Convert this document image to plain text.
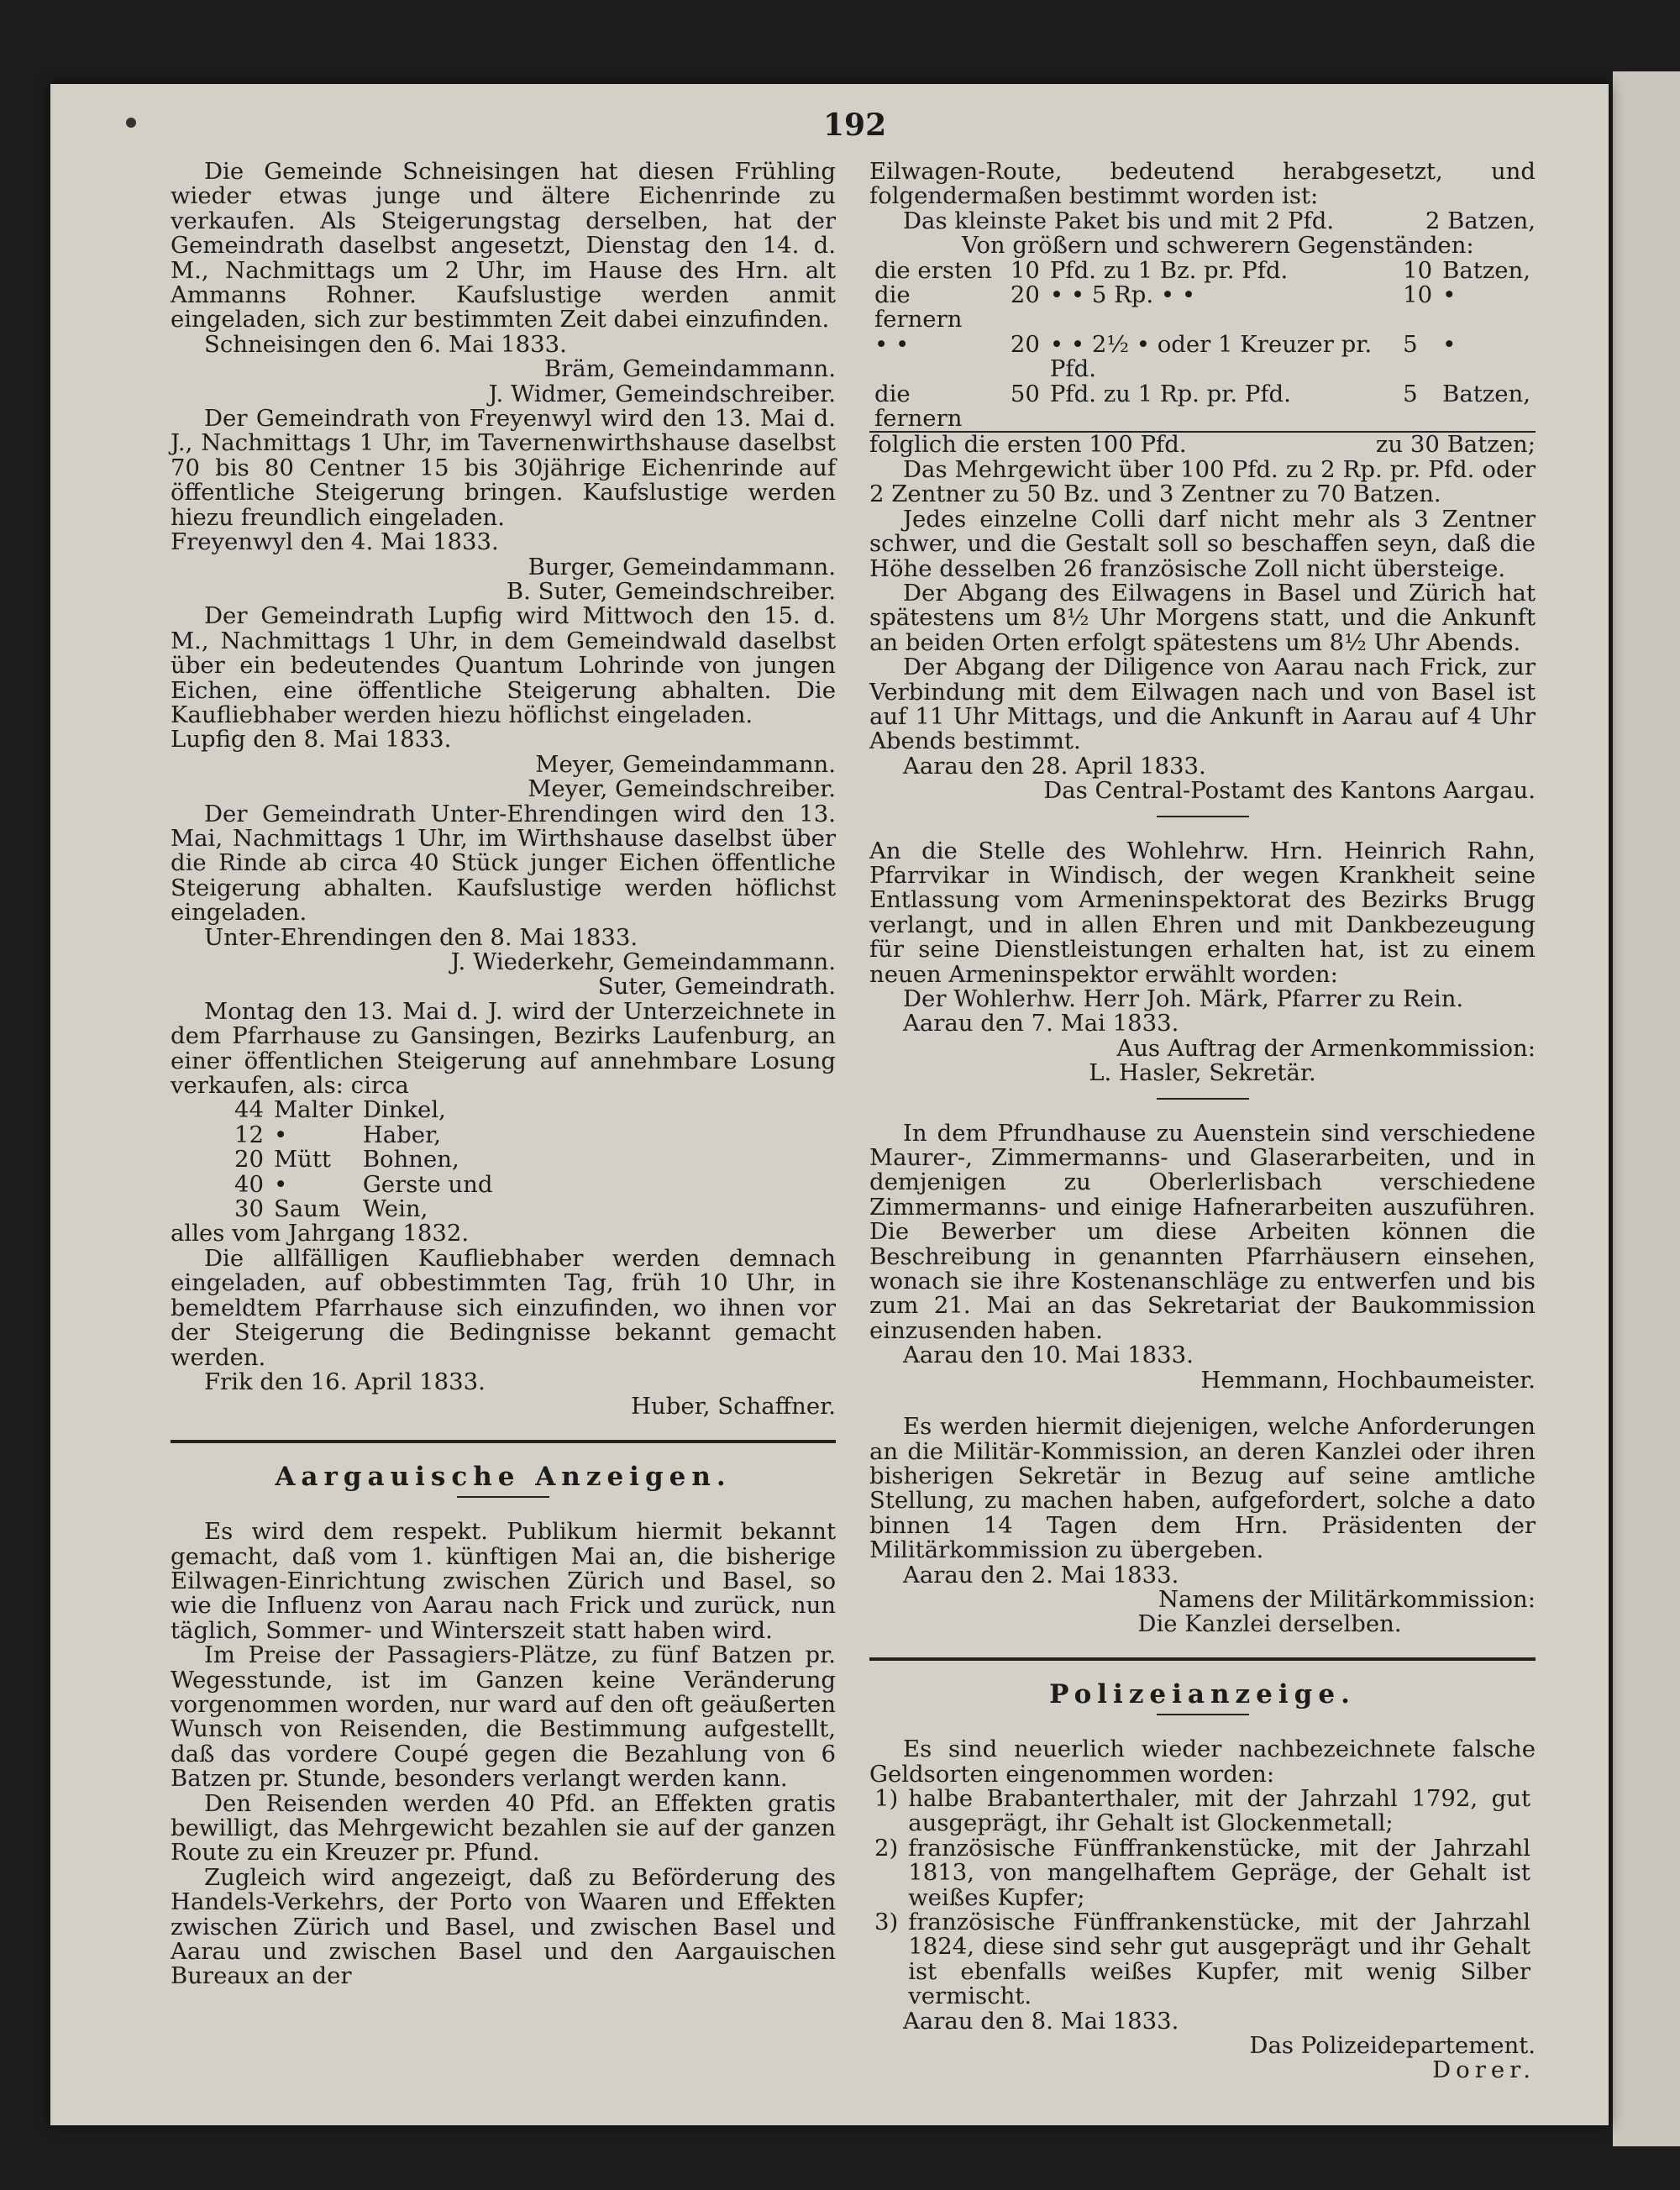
192

Die Gemeinde Schneisingen hat diesen Frühling wieder etwas junge und ältere Eichenrinde zu verkaufen. Als Steigerungstag derselben, hat der Gemeindrath daselbst angesetzt, Dienstag den 14. d. M., Nachmittags um 2 Uhr, im Hause des Hrn. alt Ammanns Rohner. Kaufslustige werden anmit eingeladen, sich zur bestimmten Zeit dabei einzufinden.

Schneisingen den 6. Mai 1833.

Bräm, Gemeindammann.

J. Widmer, Gemeindschreiber.

Der Gemeindrath von Freyenwyl wird den 13. Mai d. J., Nachmittags 1 Uhr, im Tavernenwirthshause daselbst 70 bis 80 Centner 15 bis 30jährige Eichenrinde auf öffentliche Steigerung bringen. Kaufslustige werden hiezu freundlich eingeladen.

Freyenwyl den 4. Mai 1833.

Burger, Gemeindammann.

B. Suter, Gemeindschreiber.

Der Gemeindrath Lupfig wird Mittwoch den 15. d. M., Nachmittags 1 Uhr, in dem Gemeindwald daselbst über ein bedeutendes Quantum Lohrinde von jungen Eichen, eine öffentliche Steigerung abhalten. Die Kaufliebhaber werden hiezu höflichst eingeladen.

Lupfig den 8. Mai 1833.

Meyer, Gemeindammann.

Meyer, Gemeindschreiber.

Der Gemeindrath Unter-Ehrendingen wird den 13. Mai, Nachmittags 1 Uhr, im Wirthshause daselbst über die Rinde ab circa 40 Stück junger Eichen öffentliche Steigerung abhalten. Kaufslustige werden höflichst eingeladen.

Unter-Ehrendingen den 8. Mai 1833.

J. Wiederkehr, Gemeindammann.

Suter, Gemeindrath.

Montag den 13. Mai d. J. wird der Unterzeichnete in dem Pfarrhause zu Gansingen, Bezirks Laufenburg, an einer öffentlichen Steigerung auf annehmbare Losung verkaufen, als: circa

44	Malter	Dinkel,
12	•	Haber,
20	Mütt	Bohnen,
40	•	Gerste und
30	Saum	Wein,

alles vom Jahrgang 1832.

Die allfälligen Kaufliebhaber werden demnach eingeladen, auf obbestimmten Tag, früh 10 Uhr, in bemeldtem Pfarrhause sich einzufinden, wo ihnen vor der Steigerung die Bedingnisse bekannt gemacht werden.

Frik den 16. April 1833.

Huber, Schaffner.

Aargauische Anzeigen.

Es wird dem respekt. Publikum hiermit bekannt gemacht, daß vom 1. künftigen Mai an, die bisherige Eilwagen-Einrichtung zwischen Zürich und Basel, so wie die Influenz von Aarau nach Frick und zurück, nun täglich, Sommer- und Winterszeit statt haben wird.

Im Preise der Passagiers-Plätze, zu fünf Batzen pr. Wegesstunde, ist im Ganzen keine Veränderung vorgenommen worden, nur ward auf den oft geäußerten Wunsch von Reisenden, die Bestimmung aufgestellt, daß das vordere Coupé gegen die Bezahlung von 6 Batzen pr. Stunde, besonders verlangt werden kann.

Den Reisenden werden 40 Pfd. an Effekten gratis bewilligt, das Mehrgewicht bezahlen sie auf der ganzen Route zu ein Kreuzer pr. Pfund.

Zugleich wird angezeigt, daß zu Beförderung des Handels-Verkehrs, der Porto von Waaren und Effekten zwischen Zürich und Basel, und zwischen Basel und Aarau und zwischen Basel und den Aargauischen Bureaux an der

Eilwagen-Route, bedeutend herabgesetzt, und folgendermaßen bestimmt worden ist:

Das kleinste Paket bis und mit 2 Pfd.	2 Batzen,

Von größern und schwerern Gegenständen:

die ersten	10	Pfd. zu 1 Bz. pr. Pfd.	10	Batzen,
die fernern	20	• • 5 Rp. • •	10	•
• •	20	• • 2½ • oder 1 Kreuzer pr. Pfd.	5	•
die fernern	50	Pfd. zu 1 Rp. pr. Pfd.	5	Batzen,

folglich die ersten 100 Pfd.	zu 30 Batzen;

Das Mehrgewicht über 100 Pfd. zu 2 Rp. pr. Pfd. oder 2 Zentner zu 50 Bz. und 3 Zentner zu 70 Batzen.

Jedes einzelne Colli darf nicht mehr als 3 Zentner schwer, und die Gestalt soll so beschaffen seyn, daß die Höhe desselben 26 französische Zoll nicht übersteige.

Der Abgang des Eilwagens in Basel und Zürich hat spätestens um 8½ Uhr Morgens statt, und die Ankunft an beiden Orten erfolgt spätestens um 8½ Uhr Abends.

Der Abgang der Diligence von Aarau nach Frick, zur Verbindung mit dem Eilwagen nach und von Basel ist auf 11 Uhr Mittags, und die Ankunft in Aarau auf 4 Uhr Abends bestimmt.

Aarau den 28. April 1833.

Das Central-Postamt des Kantons Aargau.

An die Stelle des Wohlehrw. Hrn. Heinrich Rahn, Pfarrvikar in Windisch, der wegen Krankheit seine Entlassung vom Armeninspektorat des Bezirks Brugg verlangt, und in allen Ehren und mit Dankbezeugung für seine Dienstleistungen erhalten hat, ist zu einem neuen Armeninspektor erwählt worden:

Der Wohlerhw. Herr Joh. Märk, Pfarrer zu Rein.

Aarau den 7. Mai 1833.

Aus Auftrag der Armenkommission:

L. Hasler, Sekretär.

In dem Pfrundhause zu Auenstein sind verschiedene Maurer-, Zimmermanns- und Glaserarbeiten, und in demjenigen zu Oberlerlisbach verschiedene Zimmermanns- und einige Hafnerarbeiten auszuführen. Die Bewerber um diese Arbeiten können die Beschreibung in genannten Pfarrhäusern einsehen, wonach sie ihre Kostenanschläge zu entwerfen und bis zum 21. Mai an das Sekretariat der Baukommission einzusenden haben.

Aarau den 10. Mai 1833.

Hemmann, Hochbaumeister.

Es werden hiermit diejenigen, welche Anforderungen an die Militär-Kommission, an deren Kanzlei oder ihren bisherigen Sekretär in Bezug auf seine amtliche Stellung, zu machen haben, aufgefordert, solche a dato binnen 14 Tagen dem Hrn. Präsidenten der Militärkommission zu übergeben.

Aarau den 2. Mai 1833.

Namens der Militärkommission:

Die Kanzlei derselben.

Polizeianzeige.

Es sind neuerlich wieder nachbezeichnete falsche Geldsorten eingenommen worden:

1)	halbe Brabanterthaler, mit der Jahrzahl 1792, gut ausgeprägt, ihr Gehalt ist Glockenmetall;
2)	französische Fünffrankenstücke, mit der Jahrzahl 1813, von mangelhaftem Gepräge, der Gehalt ist weißes Kupfer;
3)	französische Fünffrankenstücke, mit der Jahrzahl 1824, diese sind sehr gut ausgeprägt und ihr Gehalt ist ebenfalls weißes Kupfer, mit wenig Silber vermischt.

Aarau den 8. Mai 1833.

Das Polizeidepartement.

Dorer.
